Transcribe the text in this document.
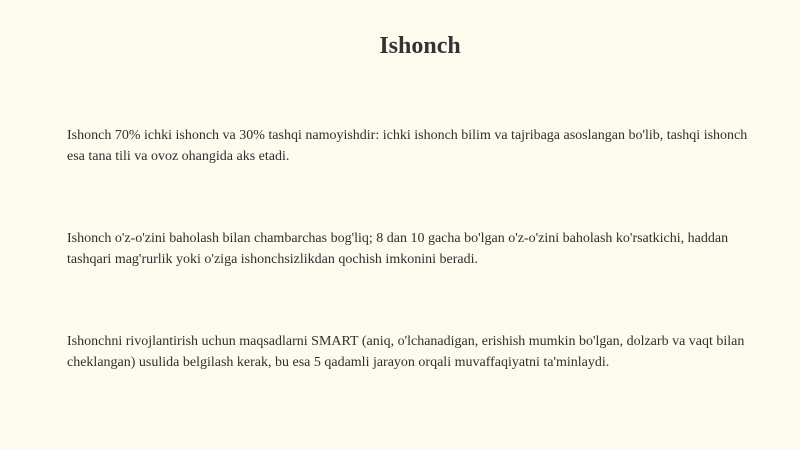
Ishonch

Ishonch 70% ichki ishonch va 30% tashqi namoyishdir: ichki ishonch bilim va tajribaga asoslangan bo'lib, tashqi ishonch esa tana tili va ovoz ohangida aks etadi.

Ishonch o'z-o'zini baholash bilan chambarchas bog'liq; 8 dan 10 gacha bo'lgan o'z-o'zini baholash ko'rsatkichi, haddan tashqari mag'rurlik yoki o'ziga ishonchsizlikdan qochish imkonini beradi.

Ishonchni rivojlantirish uchun maqsadlarni SMART (aniq, o'lchanadigan, erishish mumkin bo'lgan, dolzarb va vaqt bilan cheklangan) usulida belgilash kerak, bu esa 5 qadamli jarayon orqali muvaffaqiyatni ta'minlaydi.
